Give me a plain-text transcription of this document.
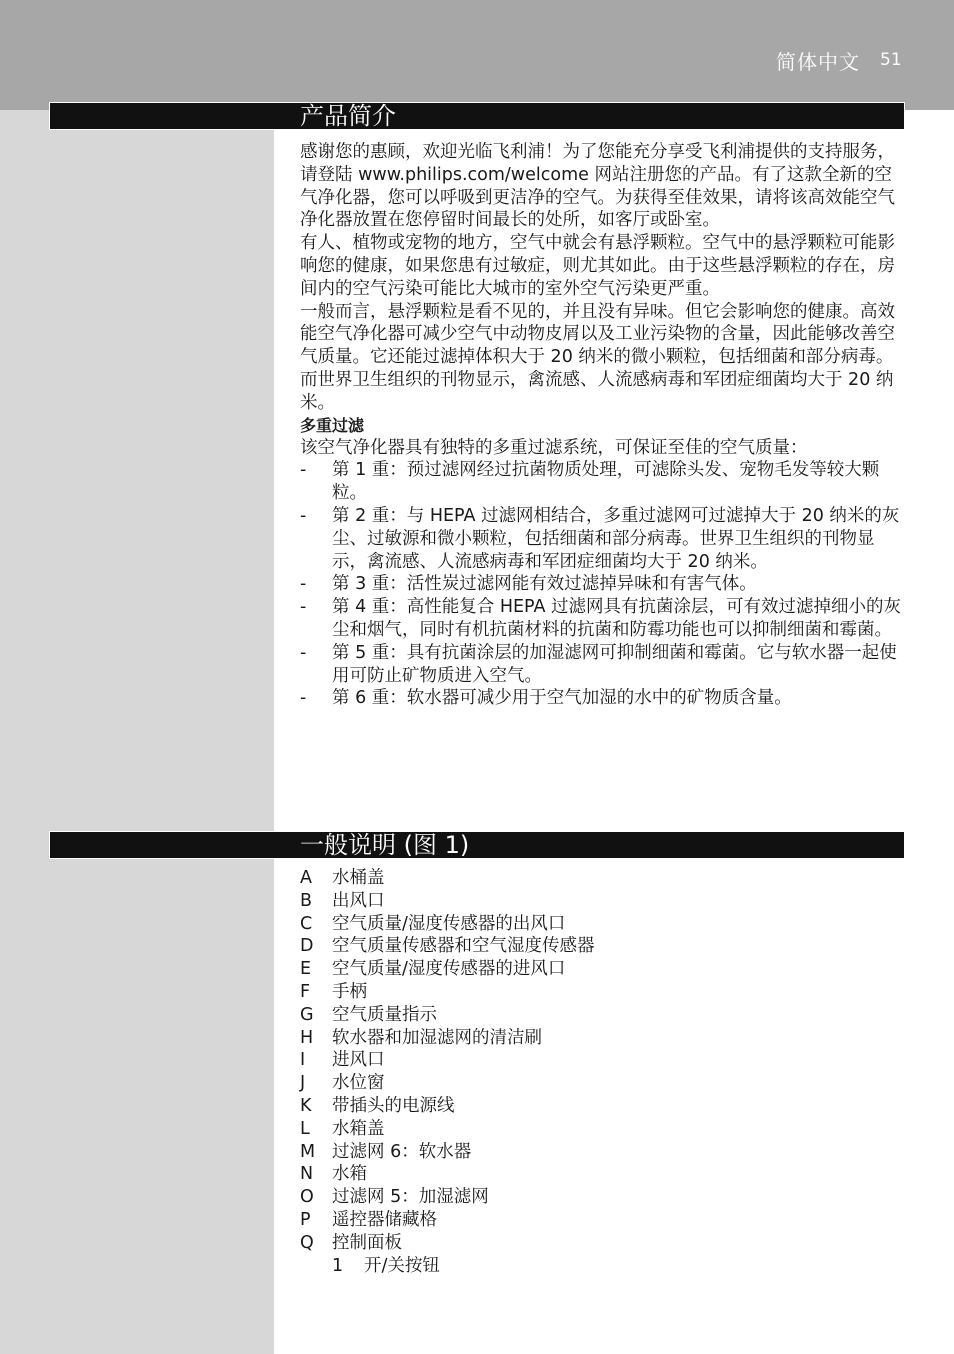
简体中文 51
产品简介

感谢您的惠顾，欢迎光临飞利浦！为了您能充分享受飞利浦提供的支持服务，请登陆 www.philips.com/welcome 网站注册您的产品。有了这款全新的空气净化器，您可以呼吸到更洁净的空气。为获得至佳效果，请将该高效能空气净化器放置在您停留时间最长的处所，如客厅或卧室。

有人、植物或宠物的地方，空气中就会有悬浮颗粒。空气中的悬浮颗粒可能影响您的健康，如果您患有过敏症，则尤其如此。由于这些悬浮颗粒的存在，房间内的空气污染可能比大城市的室外空气污染更严重。

一般而言，悬浮颗粒是看不见的，并且没有异味。但它会影响您的健康。高效能空气净化器可减少空气中动物皮屑以及工业污染物的含量，因此能够改善空气质量。它还能过滤掉体积大于 20 纳米的微小颗粒，包括细菌和部分病毒。而世界卫生组织的刊物显示，禽流感、人流感病毒和军团症细菌均大于 20 纳米。

多重过滤

该空气净化器具有独特的多重过滤系统，可保证至佳的空气质量：

-	第 1 重：预过滤网经过抗菌物质处理，可滤除头发、宠物毛发等较大颗粒。
-	第 2 重：与 HEPA 过滤网相结合，多重过滤网可过滤掉大于 20 纳米的灰尘、过敏源和微小颗粒，包括细菌和部分病毒。世界卫生组织的刊物显示，禽流感、人流感病毒和军团症细菌均大于 20 纳米。
-	第 3 重：活性炭过滤网能有效过滤掉异味和有害气体。
-	第 4 重：高性能复合 HEPA 过滤网具有抗菌涂层，可有效过滤掉细小的灰尘和烟气，同时有机抗菌材料的抗菌和防霉功能也可以抑制细菌和霉菌。
-	第 5 重：具有抗菌涂层的加湿滤网可抑制细菌和霉菌。它与软水器一起使用可防止矿物质进入空气。
-	第 6 重：软水器可减少用于空气加湿的水中的矿物质含量。
一般说明 (图 1)
A	水桶盖
B	出风口
C	空气质量/湿度传感器的出风口
D	空气质量传感器和空气湿度传感器
E	空气质量/湿度传感器的进风口
F	手柄
G	空气质量指示
H	软水器和加湿滤网的清洁刷
I	进风口
J	水位窗
K	带插头的电源线
L	水箱盖
M 过滤网 6：软水器
N	水箱
O	过滤网 5：加湿滤网
P	遥控器储藏格
Q	控制面板
1	开/关按钮
